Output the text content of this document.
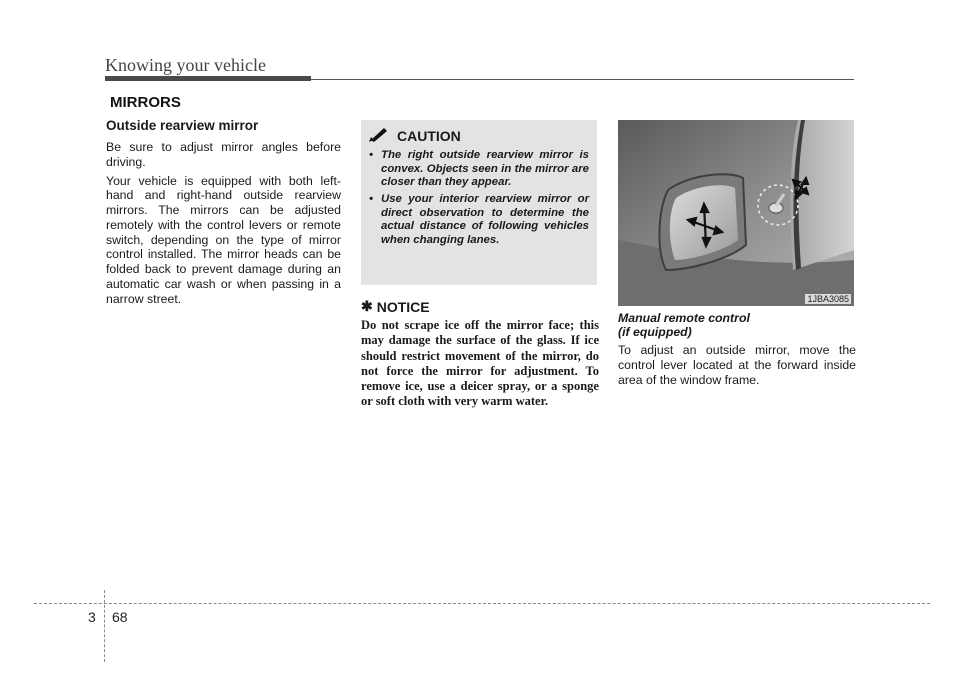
Knowing your vehicle
MIRRORS
Outside rearview mirror

Be sure to adjust mirror angles before driving.

Your vehicle is equipped with both left-hand and right-hand outside rearview mirrors. The mirrors can be adjusted remotely with the control levers or remote switch, depending on the type of mirror control installed. The mirror heads can be folded back to prevent damage during an automatic car wash or when passing in a narrow street.

CAUTION
• The right outside rearview mirror is convex. Objects seen in the mirror are closer than they appear.
• Use your interior rearview mirror or direct observation to determine the actual distance of following vehicles when changing lanes.
✱ NOTICE

Do not scrape ice off the mirror face; this may damage the surface of the glass. If ice should restrict movement of the mirror, do not force the mirror for adjustment. To remove ice, use a deicer spray, or a sponge or soft cloth with very warm water.

1JBA3085

Manual remote control
(if equipped)

To adjust an outside mirror, move the control lever located at the forward inside area of the window frame.

3 68
